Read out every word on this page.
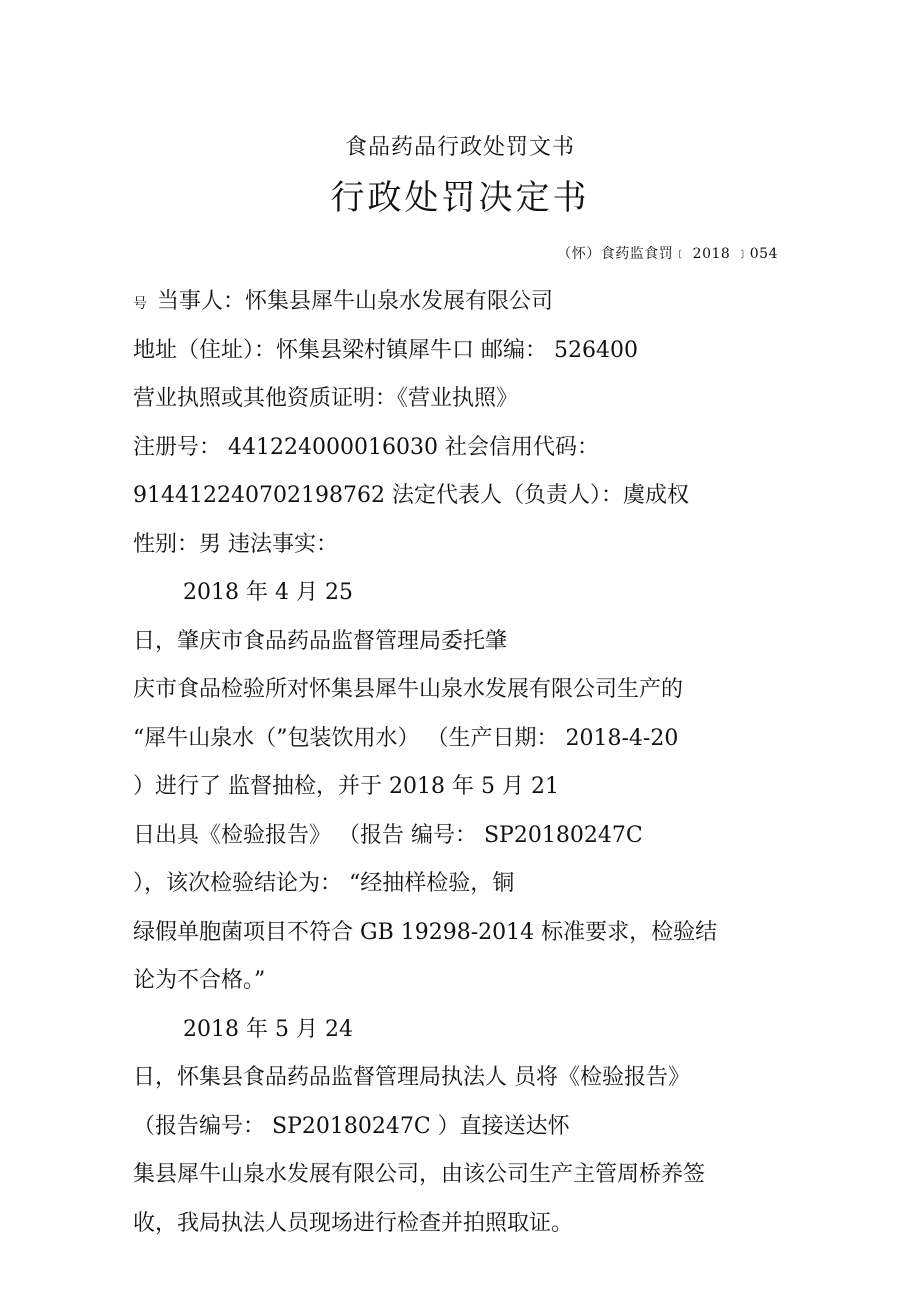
食品药品行政处罚文书
行政处罚决定书
（怀）食药监食罚﹝ 2018 ﹞054
号 当事人：怀集县犀牛山泉水发展有限公司
地址（住址）：怀集县梁村镇犀牛口 邮编： 526400
营业执照或其他资质证明：《营业执照》
注册号： 441224000016030 社会信用代码：
914412240702198762 法定代表人（负责人）：虞成权
性别：男 违法事实：
2018 年 4 月 25
日，肇庆市食品药品监督管理局委托肇
庆市食品检验所对怀集县犀牛山泉水发展有限公司生产的
“犀牛山泉水（”包装饮用水） （生产日期： 2018-4-20
）进行了 监督抽检，并于 2018 年 5 月 21
日出具《检验报告》 （报告 编号： SP20180247C
），该次检验结论为： “经抽样检验，铜
绿假单胞菌项目不符合 GB 19298-2014 标准要求，检验结
论为不合格。”
2018 年 5 月 24
日，怀集县食品药品监督管理局执法人 员将《检验报告》
（报告编号： SP20180247C ）直接送达怀
集县犀牛山泉水发展有限公司，由该公司生产主管周桥养签
收，我局执法人员现场进行检查并拍照取证。
